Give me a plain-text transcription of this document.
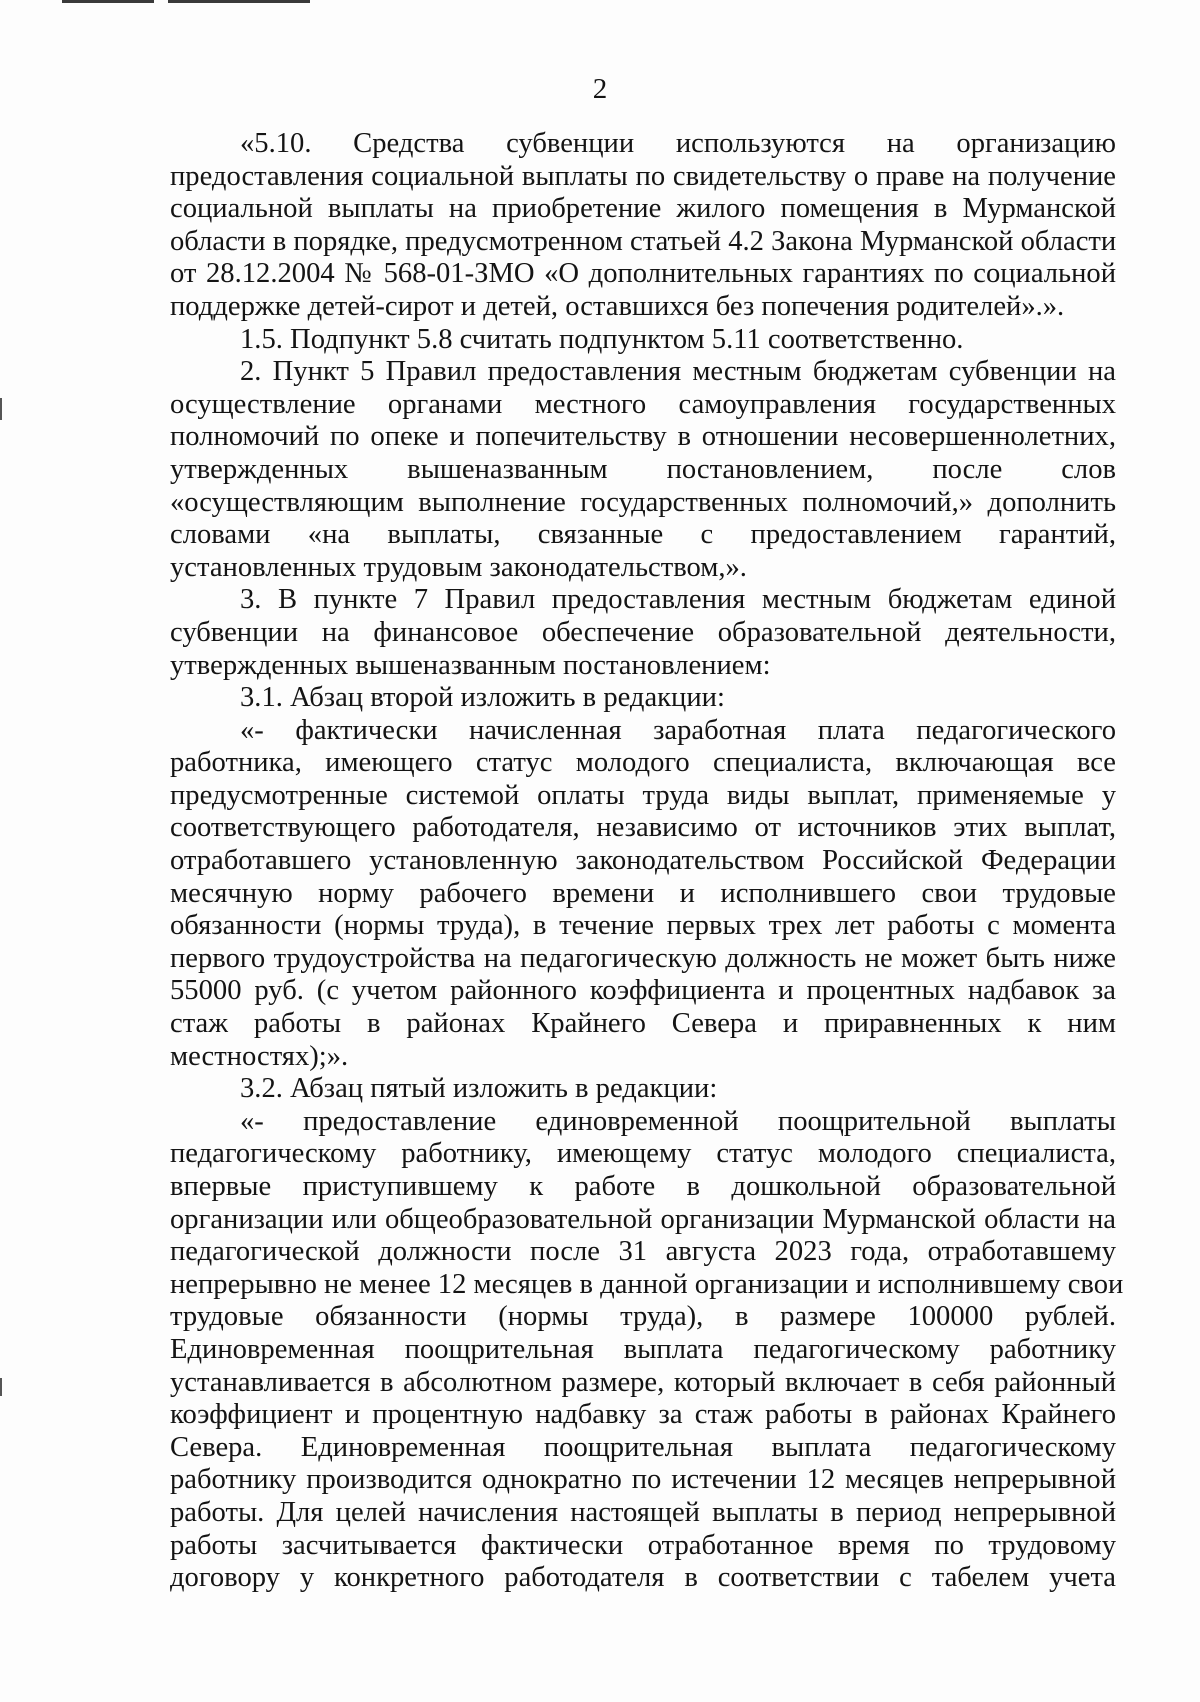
2
«5.10. Средства субвенции используются на организацию
предоставления социальной выплаты по свидетельству о праве на получение
социальной выплаты на приобретение жилого помещения в Мурманской
области в порядке, предусмотренном статьей 4.2 Закона Мурманской области
от 28.12.2004 № 568-01-ЗМО «О дополнительных гарантиях по социальной
поддержке детей-сирот и детей, оставшихся без попечения родителей».».
1.5. Подпункт 5.8 считать подпунктом 5.11 соответственно.
2. Пункт 5 Правил предоставления местным бюджетам субвенции на
осуществление органами местного самоуправления государственных
полномочий по опеке и попечительству в отношении несовершеннолетних,
утвержденных вышеназванным постановлением, после слов
«осуществляющим выполнение государственных полномочий,» дополнить
словами «на выплаты, связанные с предоставлением гарантий,
установленных трудовым законодательством,».
3. В пункте 7 Правил предоставления местным бюджетам единой
субвенции на финансовое обеспечение образовательной деятельности,
утвержденных вышеназванным постановлением:
3.1. Абзац второй изложить в редакции:
«- фактически начисленная заработная плата педагогического
работника, имеющего статус молодого специалиста, включающая все
предусмотренные системой оплаты труда виды выплат, применяемые у
соответствующего работодателя, независимо от источников этих выплат,
отработавшего установленную законодательством Российской Федерации
месячную норму рабочего времени и исполнившего свои трудовые
обязанности (нормы труда), в течение первых трех лет работы с момента
первого трудоустройства на педагогическую должность не может быть ниже
55000 руб. (с учетом районного коэффициента и процентных надбавок за
стаж работы в районах Крайнего Севера и приравненных к ним
местностях);».
3.2. Абзац пятый изложить в редакции:
«- предоставление единовременной поощрительной выплаты
педагогическому работнику, имеющему статус молодого специалиста,
впервые приступившему к работе в дошкольной образовательной
организации или общеобразовательной организации Мурманской области на
педагогической должности после 31 августа 2023 года, отработавшему
непрерывно не менее 12 месяцев в данной организации и исполнившему свои
трудовые обязанности (нормы труда), в размере 100000 рублей.
Единовременная поощрительная выплата педагогическому работнику
устанавливается в абсолютном размере, который включает в себя районный
коэффициент и процентную надбавку за стаж работы в районах Крайнего
Севера. Единовременная поощрительная выплата педагогическому
работнику производится однократно по истечении 12 месяцев непрерывной
работы. Для целей начисления настоящей выплаты в период непрерывной
работы засчитывается фактически отработанное время по трудовому
договору у конкретного работодателя в соответствии с табелем учета
